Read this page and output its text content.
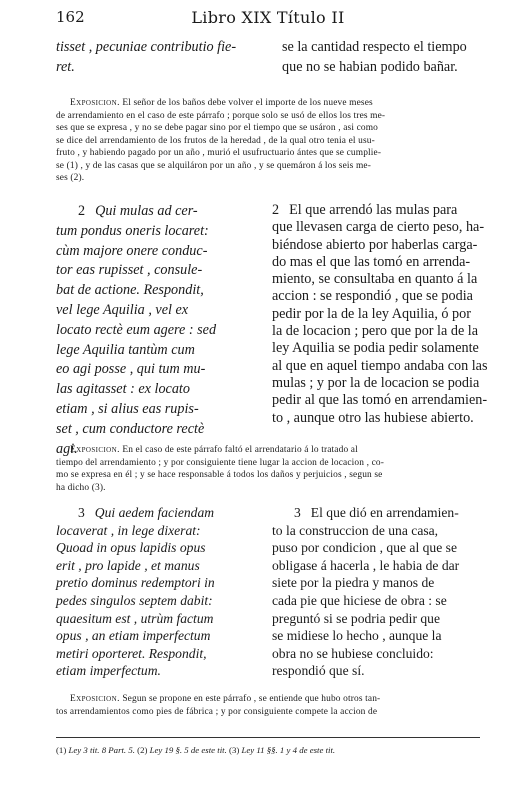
162	Libro XIX Título II
tisset , pecuniae contributio fie-
ret.
se la cantidad respecto el tiempo
que no se habian podido bañar.
Exposicion. El señor de los baños debe volver el importe de los nueve meses
de arrendamiento en el caso de este párrafo ; porque solo se usó de ellos los tres me-
ses que se expresa , y no se debe pagar sino por el tiempo que se usáron , asi como
se dice del arrendamiento de los frutos de la heredad , de la qual otro tenia el usu-
fruto , y habiendo pagado por un año , murió el usufructuario ántes que se cumplie-
se (1) , y de las casas que se alquiláron por un año , y se quemáron á los seis me-
ses (2).
2 Qui mulas ad cer-
tum pondus oneris locaret:
cùm majore onere conduc-
tor eas rupisset , consule-
bat de actione. Respondit,
vel lege Aquilia , vel ex
locato rectè eum agere : sed
lege Aquilia tantùm cum
eo agi posse , qui tum mu-
las agitasset : ex locato
etiam , si alius eas rupis-
set , cum conductore rectè
agi.
2 El que arrendó las mulas para
que llevasen carga de cierto peso, ha-
biéndose abierto por haberlas carga-
do mas el que las tomó en arrenda-
miento, se consultaba en quanto á la
accion : se respondió , que se podia
pedir por la de la ley Aquilia, ó por
la de locacion ; pero que por la de la
ley Aquilia se podia pedir solamente
al que en aquel tiempo andaba con las
mulas ; y por la de locacion se podia
pedir al que las tomó en arrendamien-
to , aunque otro las hubiese abierto.
Exposicion. En el caso de este párrafo faltó el arrendatario á lo tratado al
tiempo del arrendamiento ; y por consiguiente tiene lugar la accion de locacion , co-
mo se expresa en él ; y se hace responsable á todos los daños y perjuicios , segun se
ha dicho (3).
3 Qui aedem faciendam
locaverat , in lege dixerat:
Quoad in opus lapidis opus
erit , pro lapide , et manus
pretio dominus redemptori in
pedes singulos septem dabit:
quaesitum est , utrùm factum
opus , an etiam imperfectum
metiri oporteret. Respondit,
etiam imperfectum.
3 El que dió en arrendamien-
to la construccion de una casa,
puso por condicion , que al que se
obligase á hacerla , le habia de dar
siete por la piedra y manos de
cada pie que hiciese de obra : se
preguntó si se podria pedir que
se midiese lo hecho , aunque la
obra no se hubiese concluido:
respondió que sí.
Exposicion. Segun se propone en este párrafo , se entiende que hubo otros tan-
tos arrendamientos como pies de fábrica ; y por consiguiente compete la accion de
(1) Ley 3 tit. 8 Part. 5. (2) Ley 19 §. 5 de este tit. (3) Ley 11 §§. 1 y 4 de este tit.
